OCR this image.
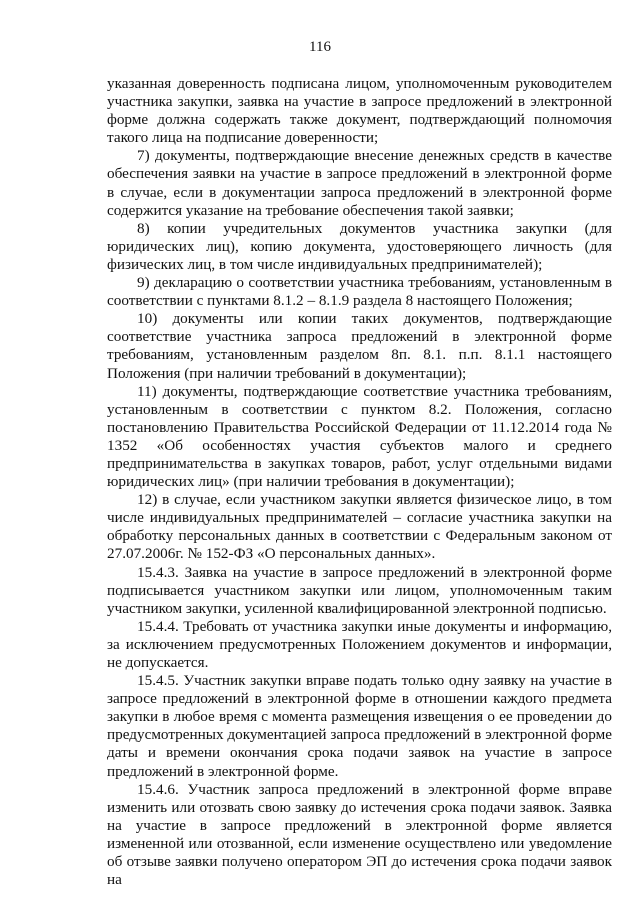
116

указанная доверенность подписана лицом, уполномоченным руководителем участника закупки, заявка на участие в запросе предложений в электронной форме должна содержать также документ, подтверждающий полномочия такого лица на подписание доверенности;

7) документы, подтверждающие внесение денежных средств в качестве обеспечения заявки на участие в запросе предложений в электронной форме в случае, если в документации запроса предложений в электронной форме содержится указание на требование обеспечения такой заявки;

8) копии учредительных документов участника закупки (для юридических лиц), копию документа, удостоверяющего личность (для физических лиц, в том числе индивидуальных предпринимателей);

9) декларацию о соответствии участника требованиям, установленным в соответствии с пунктами 8.1.2 – 8.1.9 раздела 8 настоящего Положения;

10) документы или копии таких документов, подтверждающие соответствие участника запроса предложений в электронной форме требованиям, установленным разделом 8п. 8.1. п.п. 8.1.1 настоящего Положения (при наличии требований в документации);

11) документы, подтверждающие соответствие участника требованиям, установленным в соответствии с пунктом 8.2. Положения, согласно постановлению Правительства Российской Федерации от 11.12.2014 года № 1352 «Об особенностях участия субъектов малого и среднего предпринимательства в закупках товаров, работ, услуг отдельными видами юридических лиц» (при наличии требования в документации);

12) в случае, если участником закупки является физическое лицо, в том числе индивидуальных предпринимателей – согласие участника закупки на обработку персональных данных в соответствии с Федеральным законом от 27.07.2006г. № 152-ФЗ «О персональных данных».

15.4.3. Заявка на участие в запросе предложений в электронной форме подписывается участником закупки или лицом, уполномоченным таким участником закупки, усиленной квалифицированной электронной подписью.

15.4.4. Требовать от участника закупки иные документы и информацию, за исключением предусмотренных Положением документов и информации, не допускается.

15.4.5. Участник закупки вправе подать только одну заявку на участие в запросе предложений в электронной форме в отношении каждого предмета закупки в любое время с момента размещения извещения о ее проведении до предусмотренных документацией запроса предложений в электронной форме даты и времени окончания срока подачи заявок на участие в запросе предложений в электронной форме.

15.4.6. Участник запроса предложений в электронной форме вправе изменить или отозвать свою заявку до истечения срока подачи заявок. Заявка на участие в запросе предложений в электронной форме является измененной или отозванной, если изменение осуществлено или уведомление об отзыве заявки получено оператором ЭП до истечения срока подачи заявок на
